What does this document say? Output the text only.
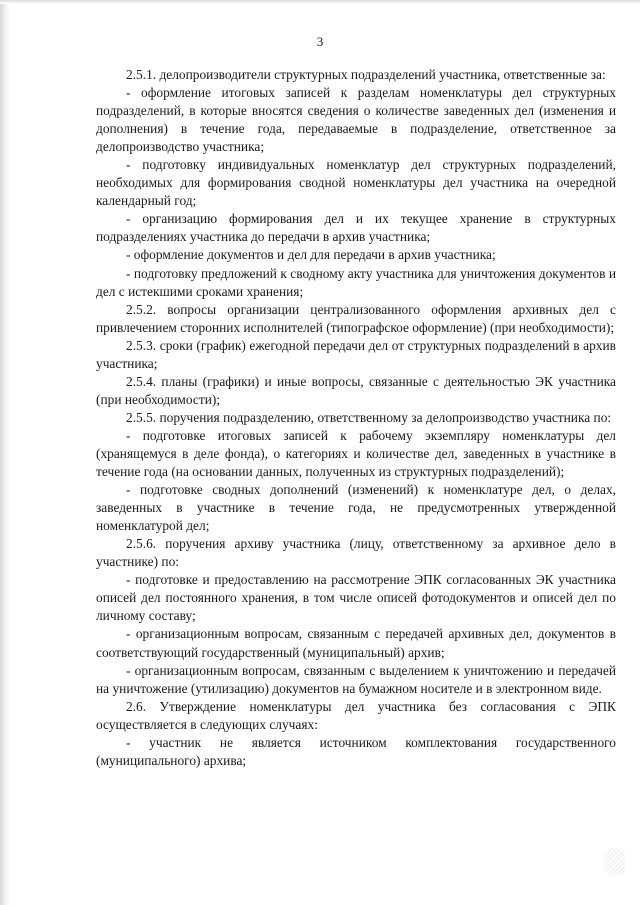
3

2.5.1. делопроизводители структурных подразделений участника, ответственные за:

- оформление итоговых записей к разделам номенклатуры дел структурных подразделений, в которые вносятся сведения о количестве заведенных дел (изменения и дополнения) в течение года, передаваемые в подразделение, ответственное за делопроизводство участника;

- подготовку индивидуальных номенклатур дел структурных подразделений, необходимых для формирования сводной номенклатуры дел участника на очередной календарный год;

- организацию формирования дел и их текущее хранение в структурных подразделениях участника до передачи в архив участника;

- оформление документов и дел для передачи в архив участника;

- подготовку предложений к сводному акту участника для уничтожения документов и дел с истекшими сроками хранения;

2.5.2. вопросы организации централизованного оформления архивных дел с привлечением сторонних исполнителей (типографское оформление) (при необходимости);

2.5.3. сроки (график) ежегодной передачи дел от структурных подразделений в архив участника;

2.5.4. планы (графики) и иные вопросы, связанные с деятельностью ЭК участника (при необходимости);

2.5.5. поручения подразделению, ответственному за делопроизводство участника по:

- подготовке итоговых записей к рабочему экземпляру номенклатуры дел (хранящемуся в деле фонда), о категориях и количестве дел, заведенных в участнике в течение года (на основании данных, полученных из структурных подразделений);

- подготовке сводных дополнений (изменений) к номенклатуре дел, о делах, заведенных в участнике в течение года, не предусмотренных утвержденной номенклатурой дел;

2.5.6. поручения архиву участника (лицу, ответственному за архивное дело в участнике) по:

- подготовке и предоставлению на рассмотрение ЭПК согласованных ЭК участника описей дел постоянного хранения, в том числе описей фотодокументов и описей дел по личному составу;

- организационным вопросам, связанным с передачей архивных дел, документов в соответствующий государственный (муниципальный) архив;

- организационным вопросам, связанным с выделением к уничтожению и передачей на уничтожение (утилизацию) документов на бумажном носителе и в электронном виде.

2.6. Утверждение номенклатуры дел участника без согласования с ЭПК осуществляется в следующих случаях:

- участник не является источником комплектования государственного (муниципального) архива;
